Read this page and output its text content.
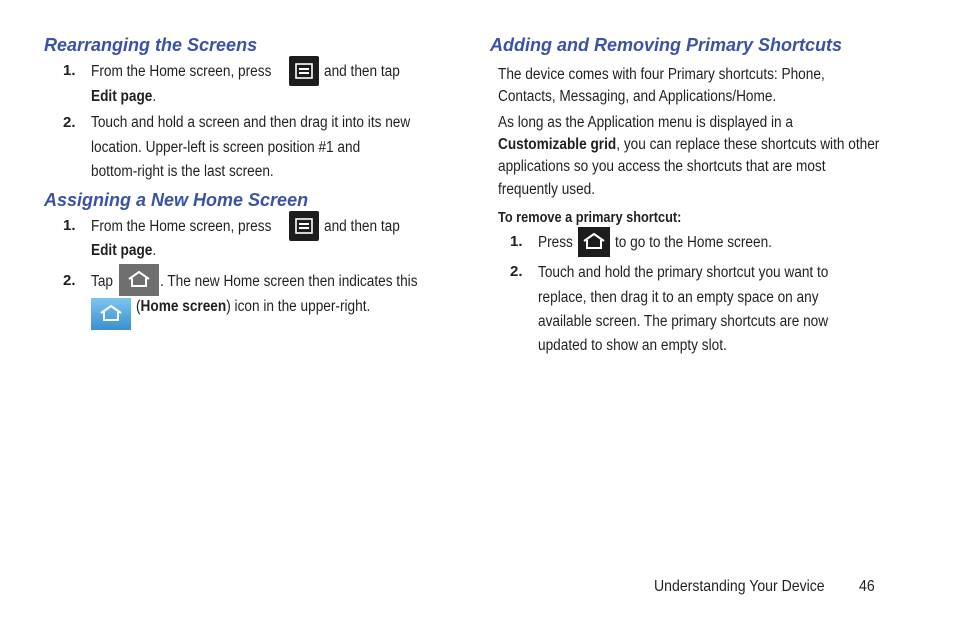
Rearranging the Screens
1. From the Home screen, press	and then tap
Edit page.
2. Touch and hold a screen and then drag it into its new
location. Upper-left is screen position #1 and
bottom-right is the last screen.
Assigning a New Home Screen
1. From the Home screen, press	and then tap
Edit page.
2. Tap	. The new Home screen then indicates this
(Home screen) icon in the upper-right.
Adding and Removing Primary Shortcuts
The device comes with four Primary shortcuts: Phone,
Contacts, Messaging, and Applications/Home.
As long as the Application menu is displayed in a
Customizable grid, you can replace these shortcuts with other
applications so you access the shortcuts that are most
frequently used.
To remove a primary shortcut:
1. Press	to go to the Home screen.
2. Touch and hold the primary shortcut you want to
replace, then drag it to an empty space on any
available screen. The primary shortcuts are now
updated to show an empty slot.
Understanding Your Device 46
